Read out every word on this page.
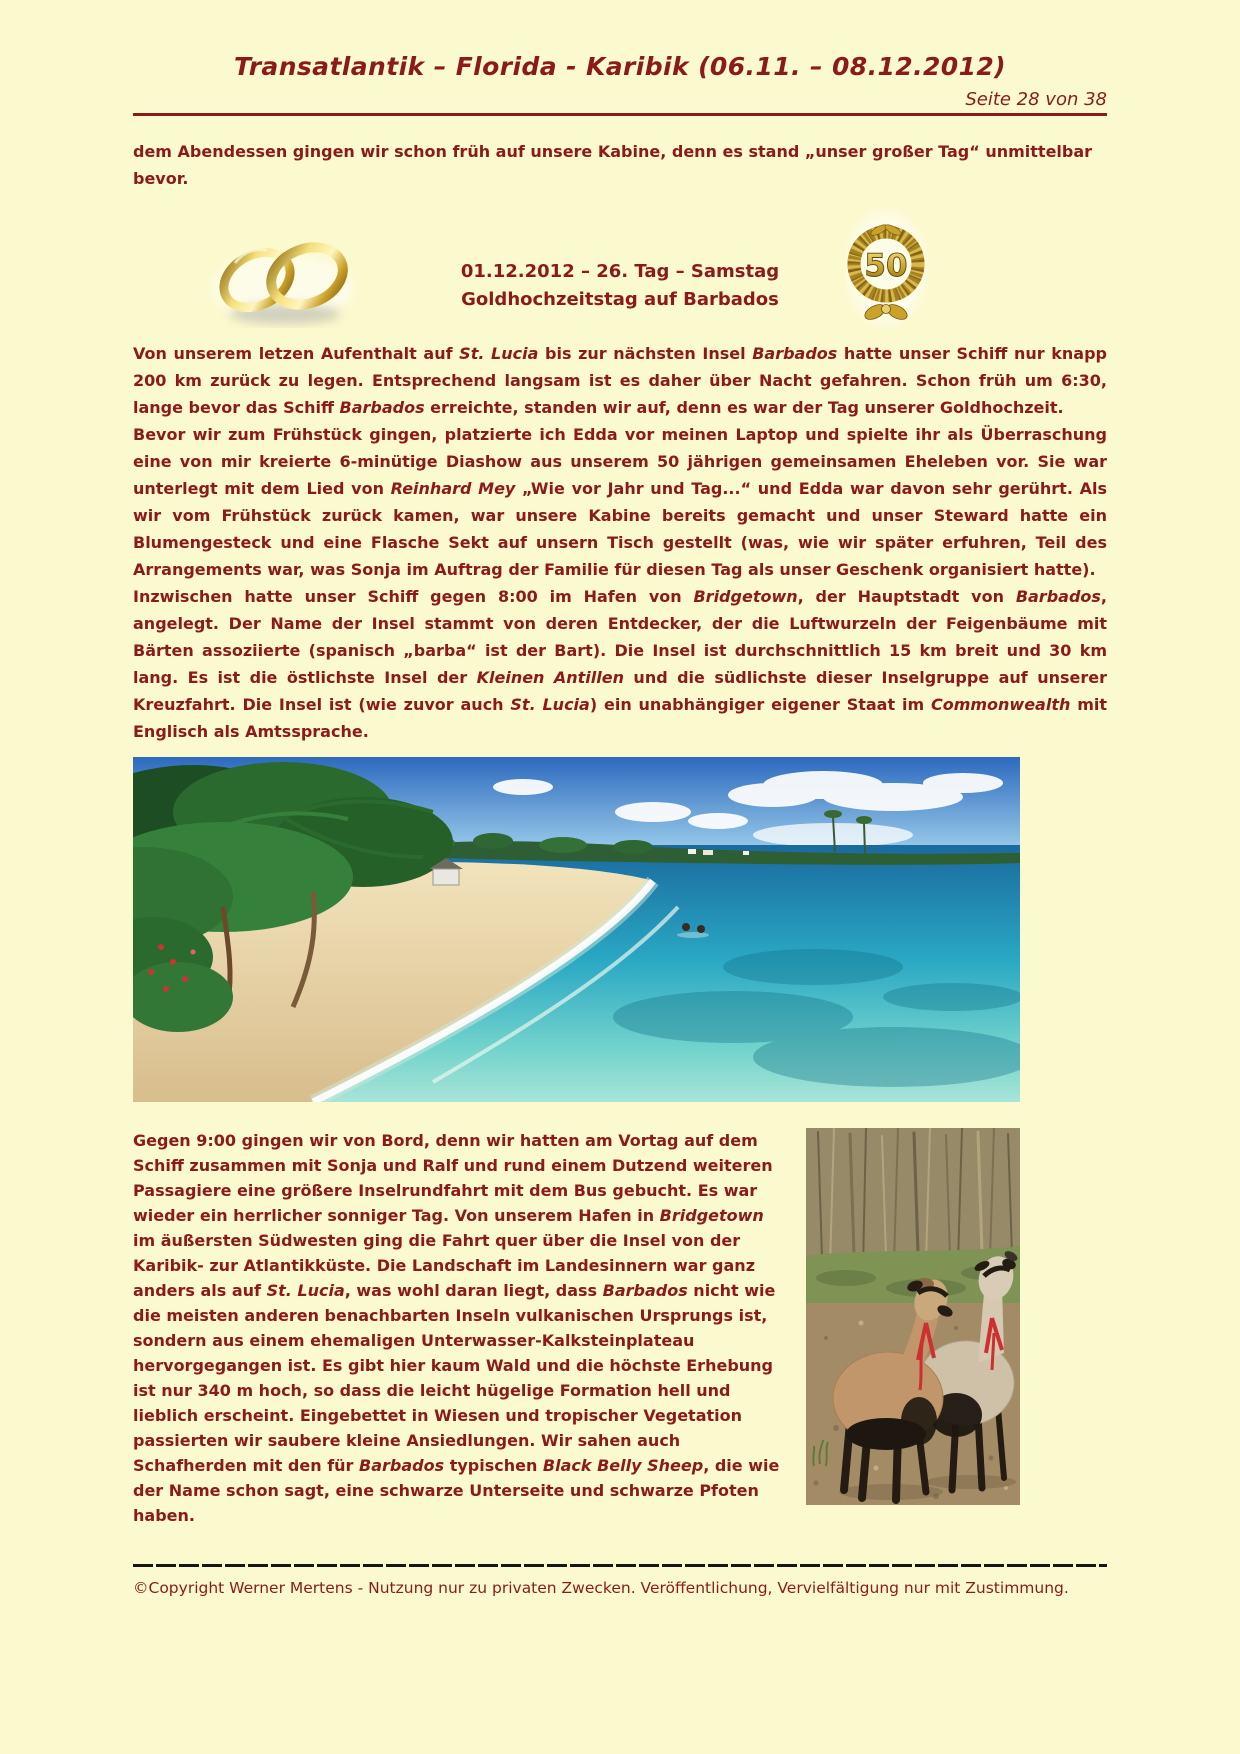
Transatlantik – Florida - Karibik (06.11. – 08.12.2012)
Seite 28 von 38

dem Abendessen gingen wir schon früh auf unsere Kabine, denn es stand „unser großer Tag“ unmittelbar bevor.

01.12.2012 – 26. Tag – Samstag
Goldhochzeitstag auf Barbados
50

Von unserem letzen Aufenthalt auf St. Lucia bis zur nächsten Insel Barbados hatte unser Schiff nur knapp 200 km zurück zu legen. Entsprechend langsam ist es daher über Nacht gefahren. Schon früh um 6:30, lange bevor das Schiff Barbados erreichte, standen wir auf, denn es war der Tag unserer Goldhochzeit.

Bevor wir zum Frühstück gingen, platzierte ich Edda vor meinen Laptop und spielte ihr als Überraschung eine von mir kreierte 6-minütige Diashow aus unserem 50 jährigen gemeinsamen Eheleben vor. Sie war unterlegt mit dem Lied von Reinhard Mey „Wie vor Jahr und Tag...“ und Edda war davon sehr gerührt. Als wir vom Frühstück zurück kamen, war unsere Kabine bereits gemacht und unser Steward hatte ein Blumengesteck und eine Flasche Sekt auf unsern Tisch gestellt (was, wie wir später erfuhren, Teil des Arrangements war, was Sonja im Auftrag der Familie für diesen Tag als unser Geschenk organisiert hatte).

Inzwischen hatte unser Schiff gegen 8:00 im Hafen von Bridgetown, der Hauptstadt von Barbados, angelegt. Der Name der Insel stammt von deren Entdecker, der die Luftwurzeln der Feigenbäume mit Bärten assoziierte (spanisch „barba“ ist der Bart). Die Insel ist durchschnittlich 15 km breit und 30 km lang. Es ist die östlichste Insel der Kleinen Antillen und die südlichste dieser Inselgruppe auf unserer Kreuzfahrt. Die Insel ist (wie zuvor auch St. Lucia) ein unabhängiger eigener Staat im Commonwealth mit Englisch als Amtssprache.

Gegen 9:00 gingen wir von Bord, denn wir hatten am Vortag auf dem Schiff zusammen mit Sonja und Ralf und rund einem Dutzend weiteren Passagiere eine größere Inselrundfahrt mit dem Bus gebucht. Es war wieder ein herrlicher sonniger Tag. Von unserem Hafen in Bridgetown im äußersten Südwesten ging die Fahrt quer über die Insel von der Karibik- zur Atlantikküste. Die Landschaft im Landesinnern war ganz anders als auf St. Lucia, was wohl daran liegt, dass Barbados nicht wie die meisten anderen benachbarten Inseln vulkanischen Ursprungs ist, sondern aus einem ehemaligen Unterwasser-Kalksteinplateau hervorgegangen ist. Es gibt hier kaum Wald und die höchste Erhebung ist nur 340 m hoch, so dass die leicht hügelige Formation hell und lieblich erscheint. Eingebettet in Wiesen und tropischer Vegetation passierten wir saubere kleine Ansiedlungen. Wir sahen auch Schafherden mit den für Barbados typischen Black Belly Sheep, die wie der Name schon sagt, eine schwarze Unterseite und schwarze Pfoten haben.

©Copyright Werner Mertens - Nutzung nur zu privaten Zwecken. Veröffentlichung, Vervielfältigung nur mit Zustimmung.
